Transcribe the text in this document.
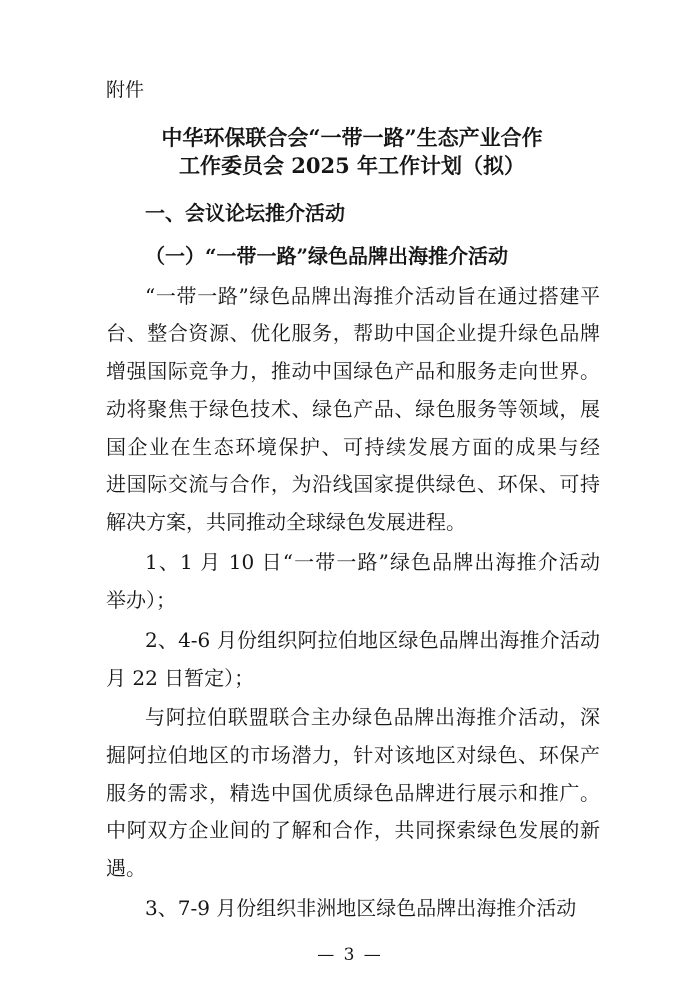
附件
中华环保联合会“一带一路”生态产业合作
工作委员会 2025 年工作计划（拟）
一、会议论坛推介活动
（一）“一带一路”绿色品牌出海推介活动
“一带一路”绿色品牌出海推介活动旨在通过搭建平
台、整合资源、优化服务，帮助中国企业提升绿色品牌
增强国际竞争力，推动中国绿色产品和服务走向世界。
动将聚焦于绿色技术、绿色产品、绿色服务等领域，展
国企业在生态环境保护、可持续发展方面的成果与经
进国际交流与合作，为沿线国家提供绿色、环保、可持
解决方案，共同推动全球绿色发展进程。
1、1 月 10 日“一带一路”绿色品牌出海推介活动
举办）；
2、4-6 月份组织阿拉伯地区绿色品牌出海推介活动
月 22 日暂定）；
与阿拉伯联盟联合主办绿色品牌出海推介活动，深
掘阿拉伯地区的市场潜力，针对该地区对绿色、环保产
服务的需求，精选中国优质绿色品牌进行展示和推广。
中阿双方企业间的了解和合作，共同探索绿色发展的新
遇。
3、7-9 月份组织非洲地区绿色品牌出海推介活动
— 3 —
